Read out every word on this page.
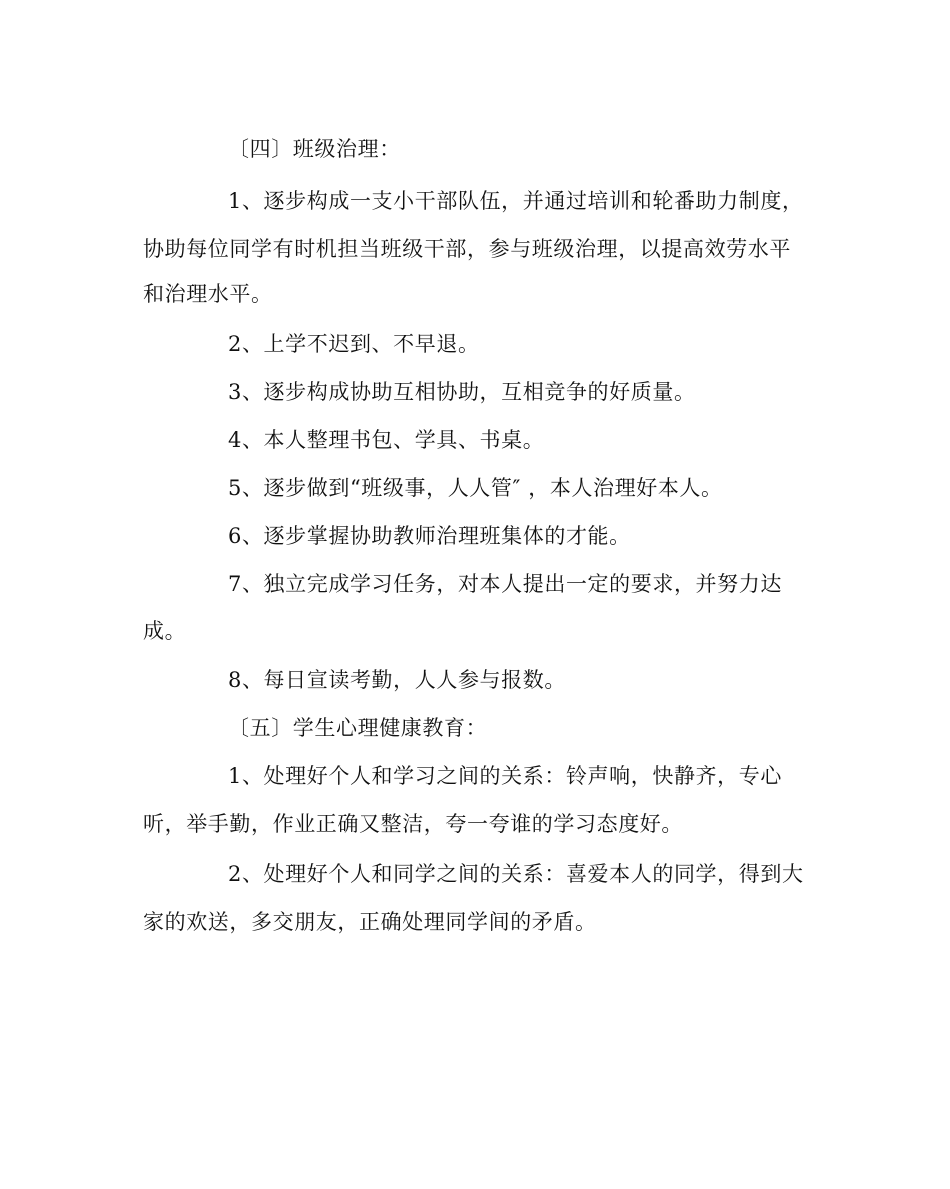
〔四〕班级治理：
1、逐步构成一支小干部队伍，并通过培训和轮番助力制度，
协助每位同学有时机担当班级干部，参与班级治理，以提高效劳水平
和治理水平。
2、上学不迟到、不早退。
3、逐步构成协助互相协助，互相竞争的好质量。
4、本人整理书包、学具、书桌。
5、逐步做到“班级事，人人管″ ，本人治理好本人。
6、逐步掌握协助教师治理班集体的才能。
7、独立完成学习任务，对本人提出一定的要求，并努力达
成。
8、每日宣读考勤，人人参与报数。
〔五〕学生心理健康教育：
1、处理好个人和学习之间的关系：铃声响，快静齐，专心
听，举手勤，作业正确又整洁，夸一夸谁的学习态度好。
2、处理好个人和同学之间的关系：喜爱本人的同学，得到大
家的欢送，多交朋友，正确处理同学间的矛盾。
